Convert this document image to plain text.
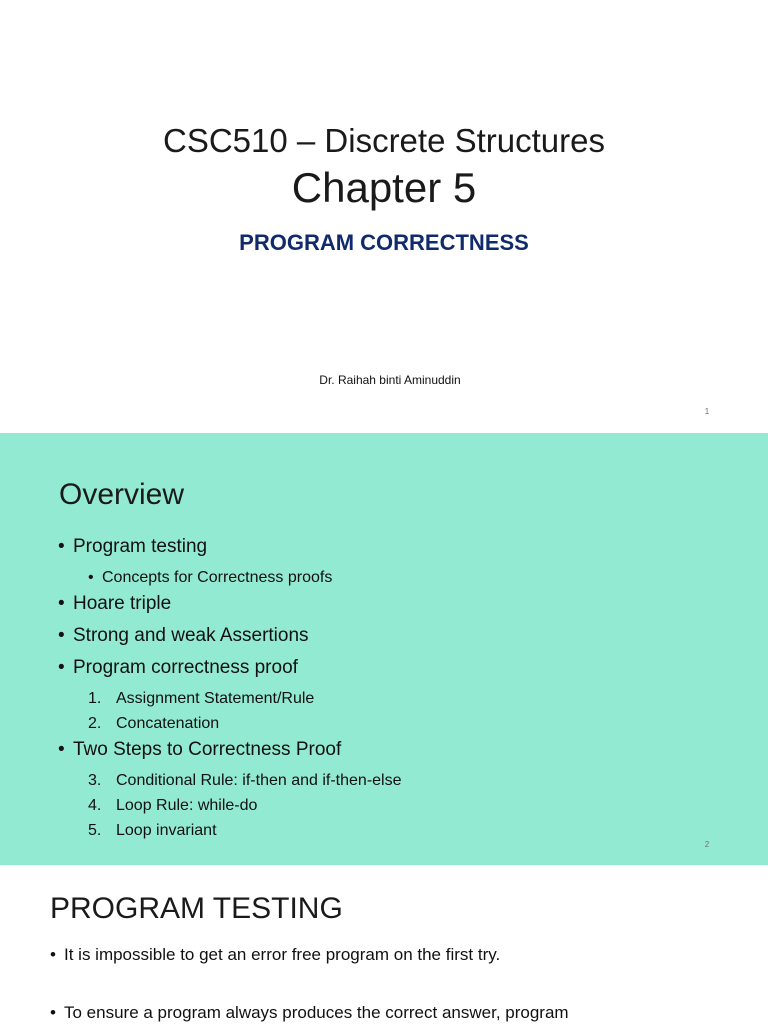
CSC510 – Discrete Structures
Chapter 5
PROGRAM CORRECTNESS
Dr. Raihah binti Aminuddin
1
Overview
• Program testing
• Concepts for Correctness proofs
• Hoare triple
• Strong and weak Assertions
• Program correctness proof
1. Assignment Statement/Rule
2. Concatenation
• Two Steps to Correctness Proof
3. Conditional Rule: if-then and if-then-else
4. Loop Rule: while-do
5. Loop invariant
2
PROGRAM TESTING
• It is impossible to get an error free program on the first try.
• To ensure a program always produces the correct answer, program
